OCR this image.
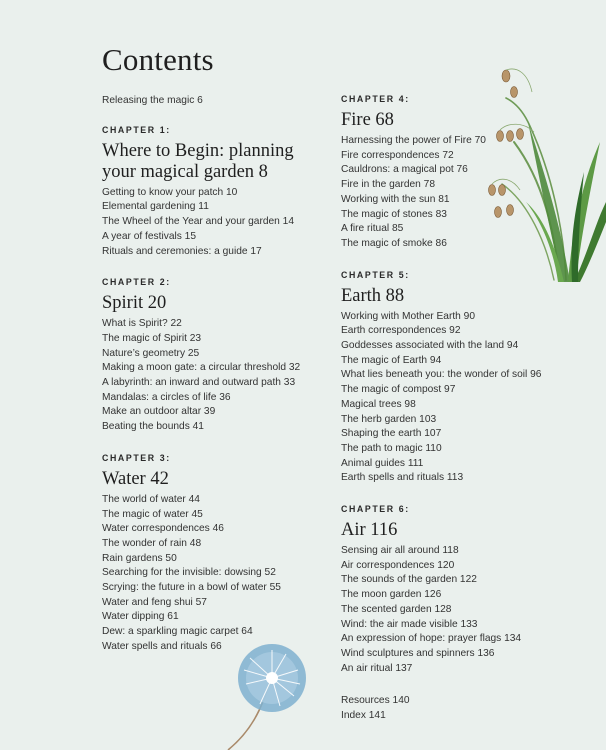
Contents
Releasing the magic 6
CHAPTER 1:
Where to Begin: planning your magical garden 8
Getting to know your patch 10
Elemental gardening 11
The Wheel of the Year and your garden 14
A year of festivals 15
Rituals and ceremonies: a guide 17
CHAPTER 2:
Spirit 20
What is Spirit? 22
The magic of Spirit 23
Nature’s geometry 25
Making a moon gate: a circular threshold 32
A labyrinth: an inward and outward path 33
Mandalas: a circles of life 36
Make an outdoor altar 39
Beating the bounds 41
CHAPTER 3:
Water 42
The world of water 44
The magic of water 45
Water correspondences 46
The wonder of rain 48
Rain gardens 50
Searching for the invisible: dowsing 52
Scrying: the future in a bowl of water 55
Water and feng shui 57
Water dipping 61
Dew: a sparkling magic carpet 64
Water spells and rituals 66
CHAPTER 4:
Fire 68
Harnessing the power of Fire 70
Fire correspondences 72
Cauldrons: a magical pot 76
Fire in the garden 78
Working with the sun 81
The magic of stones 83
A fire ritual 85
The magic of smoke 86
CHAPTER 5:
Earth 88
Working with Mother Earth 90
Earth correspondences 92
Goddesses associated with the land 94
The magic of Earth 94
What lies beneath you: the wonder of soil 96
The magic of compost 97
Magical trees 98
The herb garden 103
Shaping the earth 107
The path to magic 110
Animal guides 111
Earth spells and rituals 113
CHAPTER 6:
Air 116
Sensing air all around 118
Air correspondences 120
The sounds of the garden 122
The moon garden 126
The scented garden 128
Wind: the air made visible 133
An expression of hope: prayer flags 134
Wind sculptures and spinners 136
An air ritual 137
Resources 140
Index 141
